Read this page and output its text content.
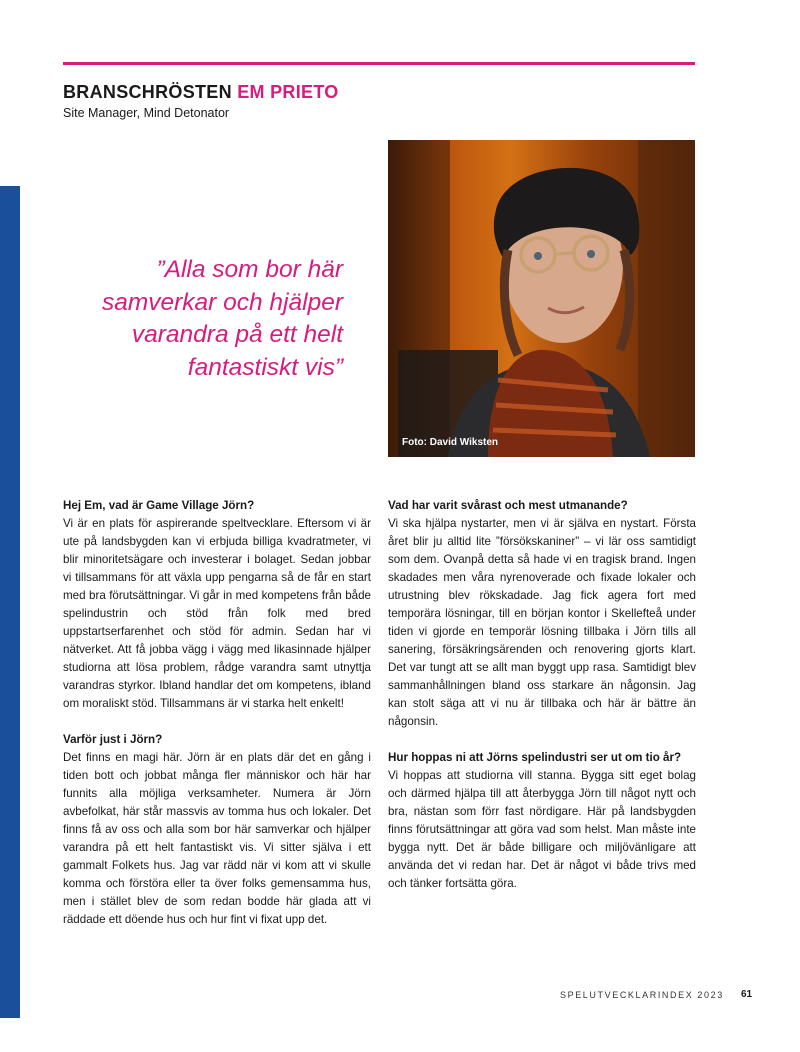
BRANSCHRÖSTEN EM PRIETO

Site Manager, Mind Detonator

”Alla som bor här samverkar och hjälper varandra på ett helt fantastiskt vis”

Foto: David Wiksten
Hej Em, vad är Game Village Jörn?

Vi är en plats för aspirerande speltvecklare. Eftersom vi är ute på landsbygden kan vi erbjuda billiga kvadratmeter, vi blir minoritetsägare och investerar i bolaget. Sedan jobbar vi tillsammans för att växla upp pengarna så de får en start med bra förutsättningar. Vi går in med kompetens från både spelindustrin och stöd från folk med bred uppstartserfarenhet och stöd för admin. Sedan har vi nätverket. Att få jobba vägg i vägg med likasinnade hjälper studiorna att lösa problem, rådge varandra samt utnyttja varandras styrkor. Ibland handlar det om kompetens, ibland om moraliskt stöd. Tillsammans är vi starka helt enkelt!

Varför just i Jörn?

Det finns en magi här. Jörn är en plats där det en gång i tiden bott och jobbat många fler människor och här har funnits alla möjliga verksamheter. Numera är Jörn avbefolkat, här står massvis av tomma hus och lokaler. Det finns få av oss och alla som bor här samverkar och hjälper varandra på ett helt fantastiskt vis. Vi sitter själva i ett gammalt Folkets hus. Jag var rädd när vi kom att vi skulle komma och förstöra eller ta över folks gemensamma hus, men i stället blev de som redan bodde här glada att vi räddade ett döende hus och hur fint vi fixat upp det.

Vad har varit svårast och mest utmanande?

Vi ska hjälpa nystarter, men vi är själva en nystart. Första året blir ju alltid lite ”försökskaniner” – vi lär oss samtidigt som dem. Ovanpå detta så hade vi en tragisk brand. Ingen skadades men våra nyrenoverade och fixade lokaler och utrustning blev rökskadade. Jag fick agera fort med temporära lösningar, till en början kontor i Skellefteå under tiden vi gjorde en temporär lösning tillbaka i Jörn tills all sanering, försäkringsärenden och renovering gjorts klart. Det var tungt att se allt man byggt upp rasa. Samtidigt blev sammanhållningen bland oss starkare än någonsin. Jag kan stolt säga att vi nu är tillbaka och här är bättre än någonsin.

Hur hoppas ni att Jörns spelindustri ser ut om tio år?

Vi hoppas att studiorna vill stanna. Bygga sitt eget bolag och därmed hjälpa till att återbygga Jörn till något nytt och bra, nästan som förr fast nördigare. Här på landsbygden finns förutsättningar att göra vad som helst. Man måste inte bygga nytt. Det är både billigare och miljövänligare att använda det vi redan har. Det är något vi både trivs med och tänker fortsätta göra.

SPELUTVECKLARINDEX 2023 61
